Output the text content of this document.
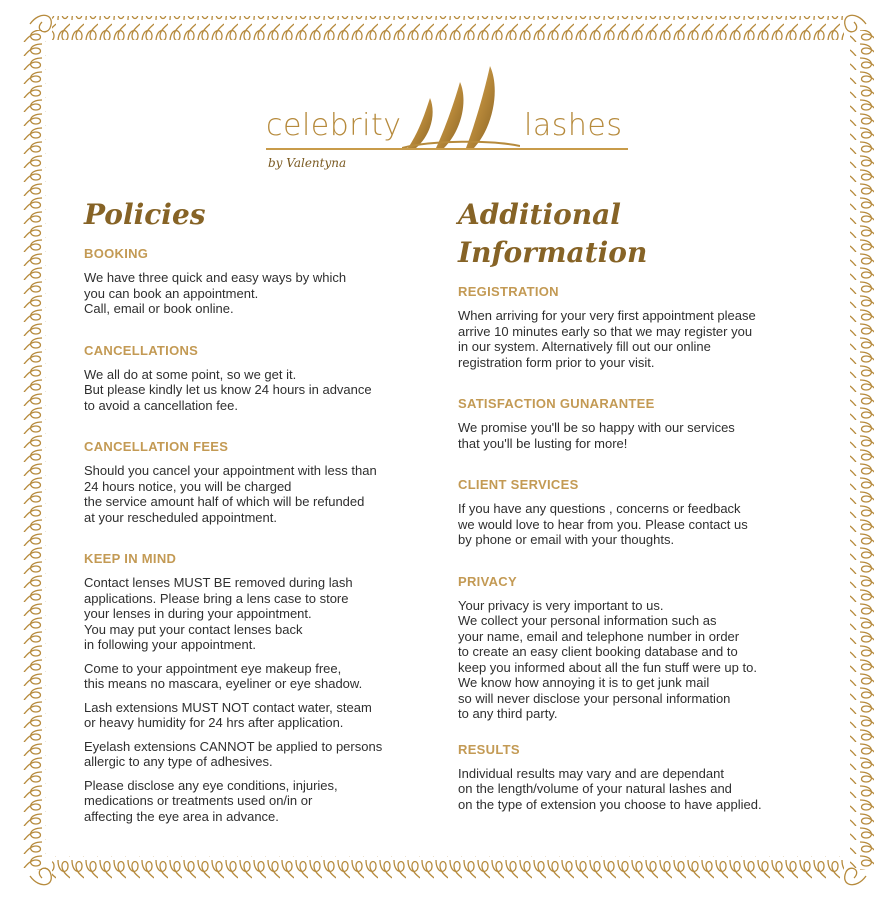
celebrity	lashes

by Valentyna

Policies
BOOKING

We have three quick and easy ways by which
you can book an appointment.
Call, email or book online.

CANCELLATIONS

We all do at some point, so we get it.
But please kindly let us know 24 hours in advance
to avoid a cancellation fee.

CANCELLATION FEES

Should you cancel your appointment with less than
24 hours notice, you will be charged
the service amount half of which will be refunded
at your rescheduled appointment.

KEEP IN MIND

Contact lenses MUST BE removed during lash
applications. Please bring a lens case to store
your lenses in during your appointment.
You may put your contact lenses back
in following your appointment.

Come to your appointment eye makeup free,
this means no mascara, eyeliner or eye shadow.

Lash extensions MUST NOT contact water, steam
or heavy humidity for 24 hrs after application.

Eyelash extensions CANNOT be applied to persons
allergic to any type of adhesives.

Please disclose any eye conditions, injuries,
medications or treatments used on/in or
affecting the eye area in advance.

Additional Information
REGISTRATION

When arriving for your very first appointment please
arrive 10 minutes early so that we may register you
in our system. Alternatively fill out our online
registration form prior to your visit.

SATISFACTION GUNARANTEE

We promise you'll be so happy with our services
that you'll be lusting for more!

CLIENT SERVICES

If you have any questions , concerns or feedback
we would love to hear from you. Please contact us
by phone or email with your thoughts.

PRIVACY

Your privacy is very important to us.
We collect your personal information such as
your name, email and telephone number in order
to create an easy client booking database and to
keep you informed about all the fun stuff were up to.
We know how annoying it is to get junk mail
so will never disclose your personal information
to any third party.

RESULTS

Individual results may vary and are dependant
on the length/volume of your natural lashes and
on the type of extension you choose to have applied.
